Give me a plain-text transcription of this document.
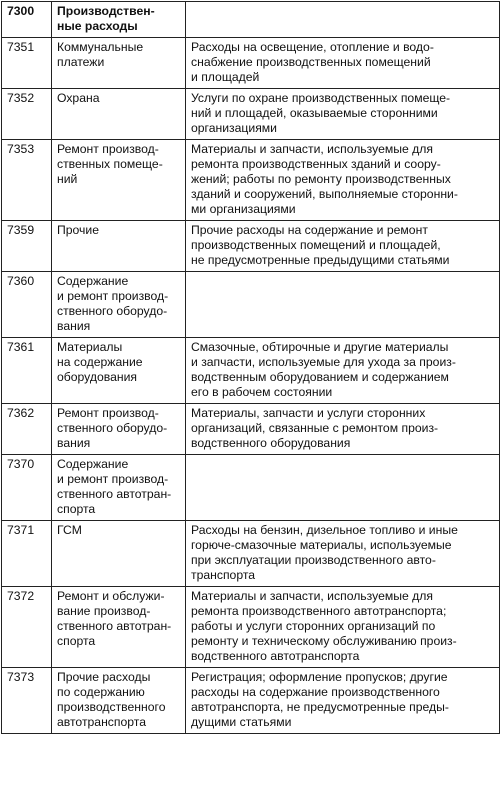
7300	Производствен-
ные расходы	
7351	Коммунальные
платежи	Расходы на освещение, отопление и водо-
снабжение производственных помещений
и площадей
7352	Охрана	Услуги по охране производственных помеще-
ний и площадей, оказываемые сторонними
организациями
7353	Ремонт производ-
ственных помеще-
ний	Материалы и запчасти, используемые для
ремонта производственных зданий и соору-
жений; работы по ремонту производственных
зданий и сооружений, выполняемые сторонни-
ми организациями
7359	Прочие	Прочие расходы на содержание и ремонт
производственных помещений и площадей,
не предусмотренные предыдущими статьями
7360	Содержание
и ремонт производ-
ственного оборудо-
вания	
7361	Материалы
на содержание
оборудования	Смазочные, обтирочные и другие материалы
и запчасти, используемые для ухода за произ-
водственным оборудованием и содержанием
его в рабочем состоянии
7362	Ремонт производ-
ственного оборудо-
вания	Материалы, запчасти и услуги сторонних
организаций, связанные с ремонтом произ-
водственного оборудования
7370	Содержание
и ремонт производ-
ственного автотран-
спорта	
7371	ГСМ	Расходы на бензин, дизельное топливо и иные
горюче-смазочные материалы, используемые
при эксплуатации производственного авто-
транспорта
7372	Ремонт и обслужи-
вание производ-
ственного автотран-
спорта	Материалы и запчасти, используемые для
ремонта производственного автотранспорта;
работы и услуги сторонних организаций по
ремонту и техническому обслуживанию произ-
водственного автотранспорта
7373	Прочие расходы
по содержанию
производственного
автотранспорта	Регистрация; оформление пропусков; другие
расходы на содержание производственного
автотранспорта, не предусмотренные преды-
дущими статьями
